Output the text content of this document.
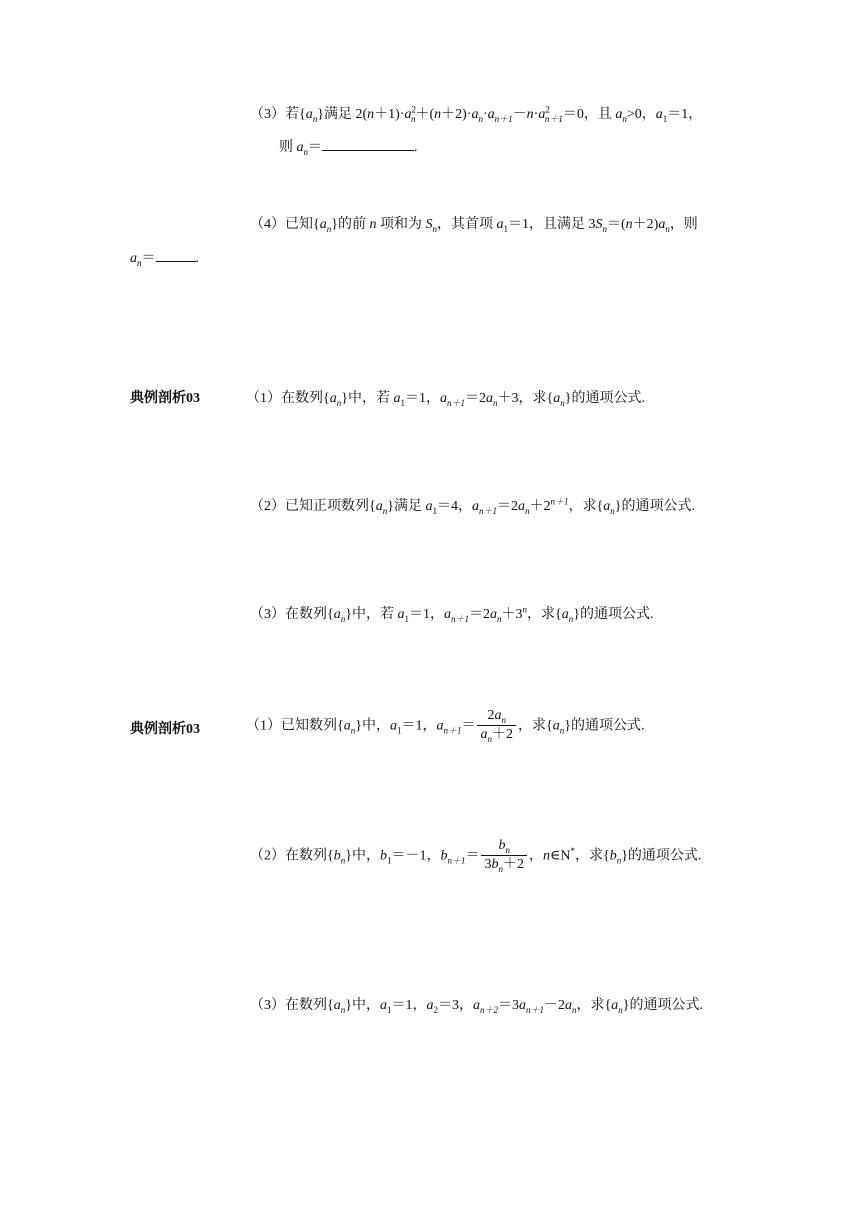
（3）若$\{a_n\}$满足 $2(n+1)\cdot a^2_n+(n+2)\cdot a_n\cdot a_{n+1}-n\cdot a^2_{n+1}=0$，且 $a_n>0$，$a_1=1$，
则 $a_n=$	.
（4）已知$\{a_n\}$的前 n 项和为 $S_n$，其首项 $a_1=1$，且满足 $3S_n=(n+2)a_n$，则
$a_n=$	.
典例剖析03	（1）在数列$\{a_n\}$中，若 $a_1=1$，$a_{n+1}=2a_n+3$，求$\{a_n\}$的通项公式.
（2）已知正项数列$\{a_n\}$满足 $a_1=4$，$a_{n+1}=2a_n+2^{n+1}$，求$\{a_n\}$的通项公式.
（3）在数列$\{a_n\}$中，若 $a_1=1$，$a_{n+1}=2a_n+3^n$，求$\{a_n\}$的通项公式.
典例剖析03	（1）已知数列$\{a_n\}$中，$a_1=1$，$a_{n+1}= \frac{2a_n}{a_n+2}$ ，求$\{a_n\}$的通项公式.
（2）在数列$\{b_n\}$中，$b_1=-1$，$b_{n+1}= \frac{b_n}{3b_n+2}$ ，n∈N*，求$\{b_n\}$的通项公式.
（3）在数列$\{a_n\}$中，$a_1=1$，$a_2=3$，$a_{n+2}=3a_{n+1}-2a_n$，求$\{a_n\}$的通项公式.
